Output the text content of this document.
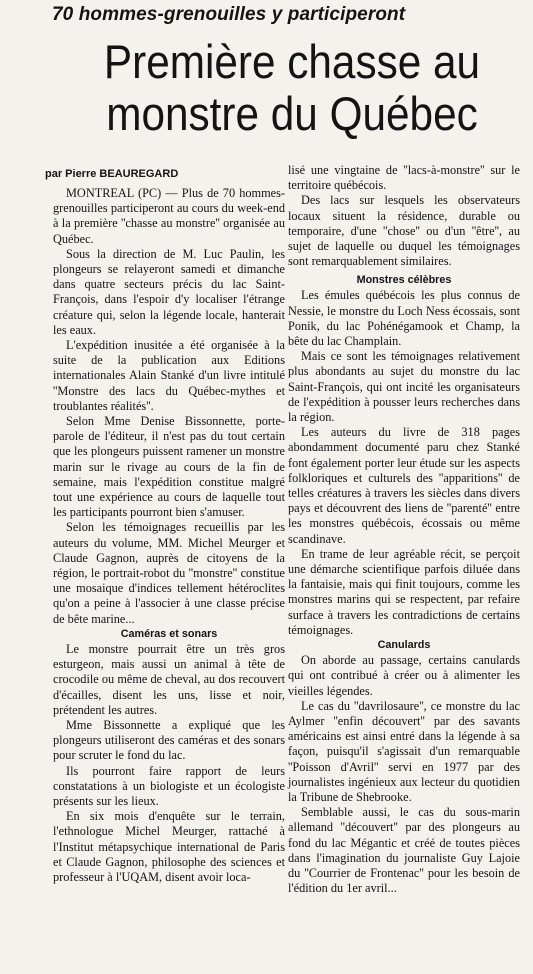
70 hommes-grenouilles y participeront
Première chasse au
monstre du Québec
par Pierre BEAUREGARD

MONTREAL (PC) — Plus de 70 hommes-grenouilles participeront au cours du week-end à la première ''chasse au monstre'' organisée au Québec.

Sous la direction de M. Luc Paulin, les plongeurs se relayeront samedi et dimanche dans quatre secteurs précis du lac Saint-François, dans l'espoir d'y localiser l'étrange créature qui, selon la légende locale, hanterait les eaux.

L'expédition inusitée a été organisée à la suite de la publication aux Editions internationales Alain Stanké d'un livre intitulé ''Monstre des lacs du Québec-mythes et troublantes réalités''.

Selon Mme Denise Bissonnette, porte-parole de l'éditeur, il n'est pas du tout certain que les plongeurs puissent ramener un monstre marin sur le rivage au cours de la fin de semaine, mais l'expédition constitue malgré tout une expérience au cours de laquelle tout les participants pourront bien s'amuser.

Selon les témoignages recueillis par les auteurs du volume, MM. Michel Meurger et Claude Gagnon, auprès de citoyens de la région, le portrait-robot du ''monstre'' constitue une mosaique d'indices tellement hétéroclites qu'on a peine à l'associer à une classe précise de bête marine...

Caméras et sonars

Le monstre pourrait être un très gros esturgeon, mais aussi un animal à tête de crocodile ou même de cheval, au dos recouvert d'écailles, disent les uns, lisse et noir, prétendent les autres.

Mme Bissonnette a expliqué que les plongeurs utiliseront des caméras et des sonars pour scruter le fond du lac.

Ils pourront faire rapport de leurs constatations à un biologiste et un écologiste présents sur les lieux.

En six mois d'enquête sur le terrain, l'ethnologue Michel Meurger, rattaché à l'Institut métapsychique international de Paris et Claude Gagnon, philosophe des sciences et professeur à l'UQAM, disent avoir loca-

lisé une vingtaine de ''lacs-à-monstre'' sur le territoire québécois.

Des lacs sur lesquels les observateurs locaux situent la résidence, durable ou temporaire, d'une ''chose'' ou d'un ''être'', au sujet de laquelle ou duquel les témoignages sont remarquablement similaires.

Monstres célèbres

Les émules québécois les plus connus de Nessie, le monstre du Loch Ness écossais, sont Ponik, du lac Pohénégamook et Champ, la bête du lac Champlain.

Mais ce sont les témoignages relativement plus abondants au sujet du monstre du lac Saint-François, qui ont incité les organisateurs de l'expédition à pousser leurs recherches dans la région.

Les auteurs du livre de 318 pages abondamment documenté paru chez Stanké font également porter leur étude sur les aspects folkloriques et culturels des ''apparitions'' de telles créatures à travers les siècles dans divers pays et découvrent des liens de ''parenté'' entre les monstres québécois, écossais ou même scandinave.

En trame de leur agréable récit, se perçoit une démarche scientifique parfois diluée dans la fantaisie, mais qui finit toujours, comme les monstres marins qui se respectent, par refaire surface à travers les contradictions de certains témoignages.

Canulards

On aborde au passage, certains canulards qui ont contribué à créer ou à alimenter les vieilles légendes.

Le cas du ''davrilosaure'', ce monstre du lac Aylmer ''enfin découvert'' par des savants américains est ainsi entré dans la légende à sa façon, puisqu'il s'agissait d'un remarquable ''Poisson d'Avril'' servi en 1977 par des journalistes ingénieux aux lecteur du quotidien la Tribune de Shebrooke.

Semblable aussi, le cas du sous-marin allemand ''découvert'' par des plongeurs au fond du lac Mégantic et créé de toutes pièces dans l'imagination du journaliste Guy Lajoie du ''Courrier de Frontenac'' pour les besoin de l'édition du 1er avril...
